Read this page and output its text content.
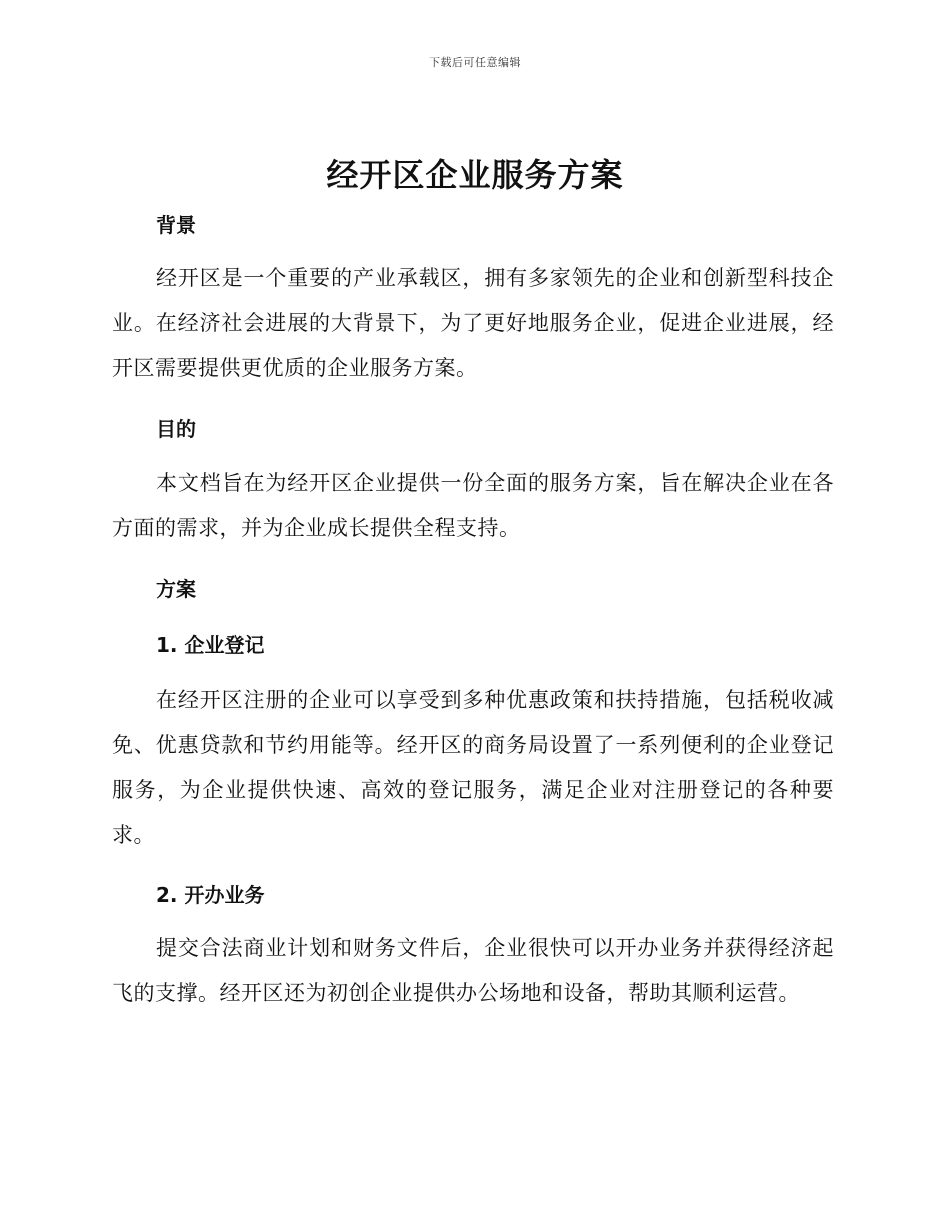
下载后可任意编辑
经开区企业服务方案
背景

经开区是一个重要的产业承载区，拥有多家领先的企业和创新型科技企业。在经济社会进展的大背景下，为了更好地服务企业，促进企业进展，经开区需要提供更优质的企业服务方案。

目的

本文档旨在为经开区企业提供一份全面的服务方案，旨在解决企业在各方面的需求，并为企业成长提供全程支持。

方案
1. 企业登记

在经开区注册的企业可以享受到多种优惠政策和扶持措施，包括税收减免、优惠贷款和节约用能等。经开区的商务局设置了一系列便利的企业登记服务，为企业提供快速、高效的登记服务，满足企业对注册登记的各种要求。

2. 开办业务

提交合法商业计划和财务文件后，企业很快可以开办业务并获得经济起飞的支撑。经开区还为初创企业提供办公场地和设备，帮助其顺利运营。
